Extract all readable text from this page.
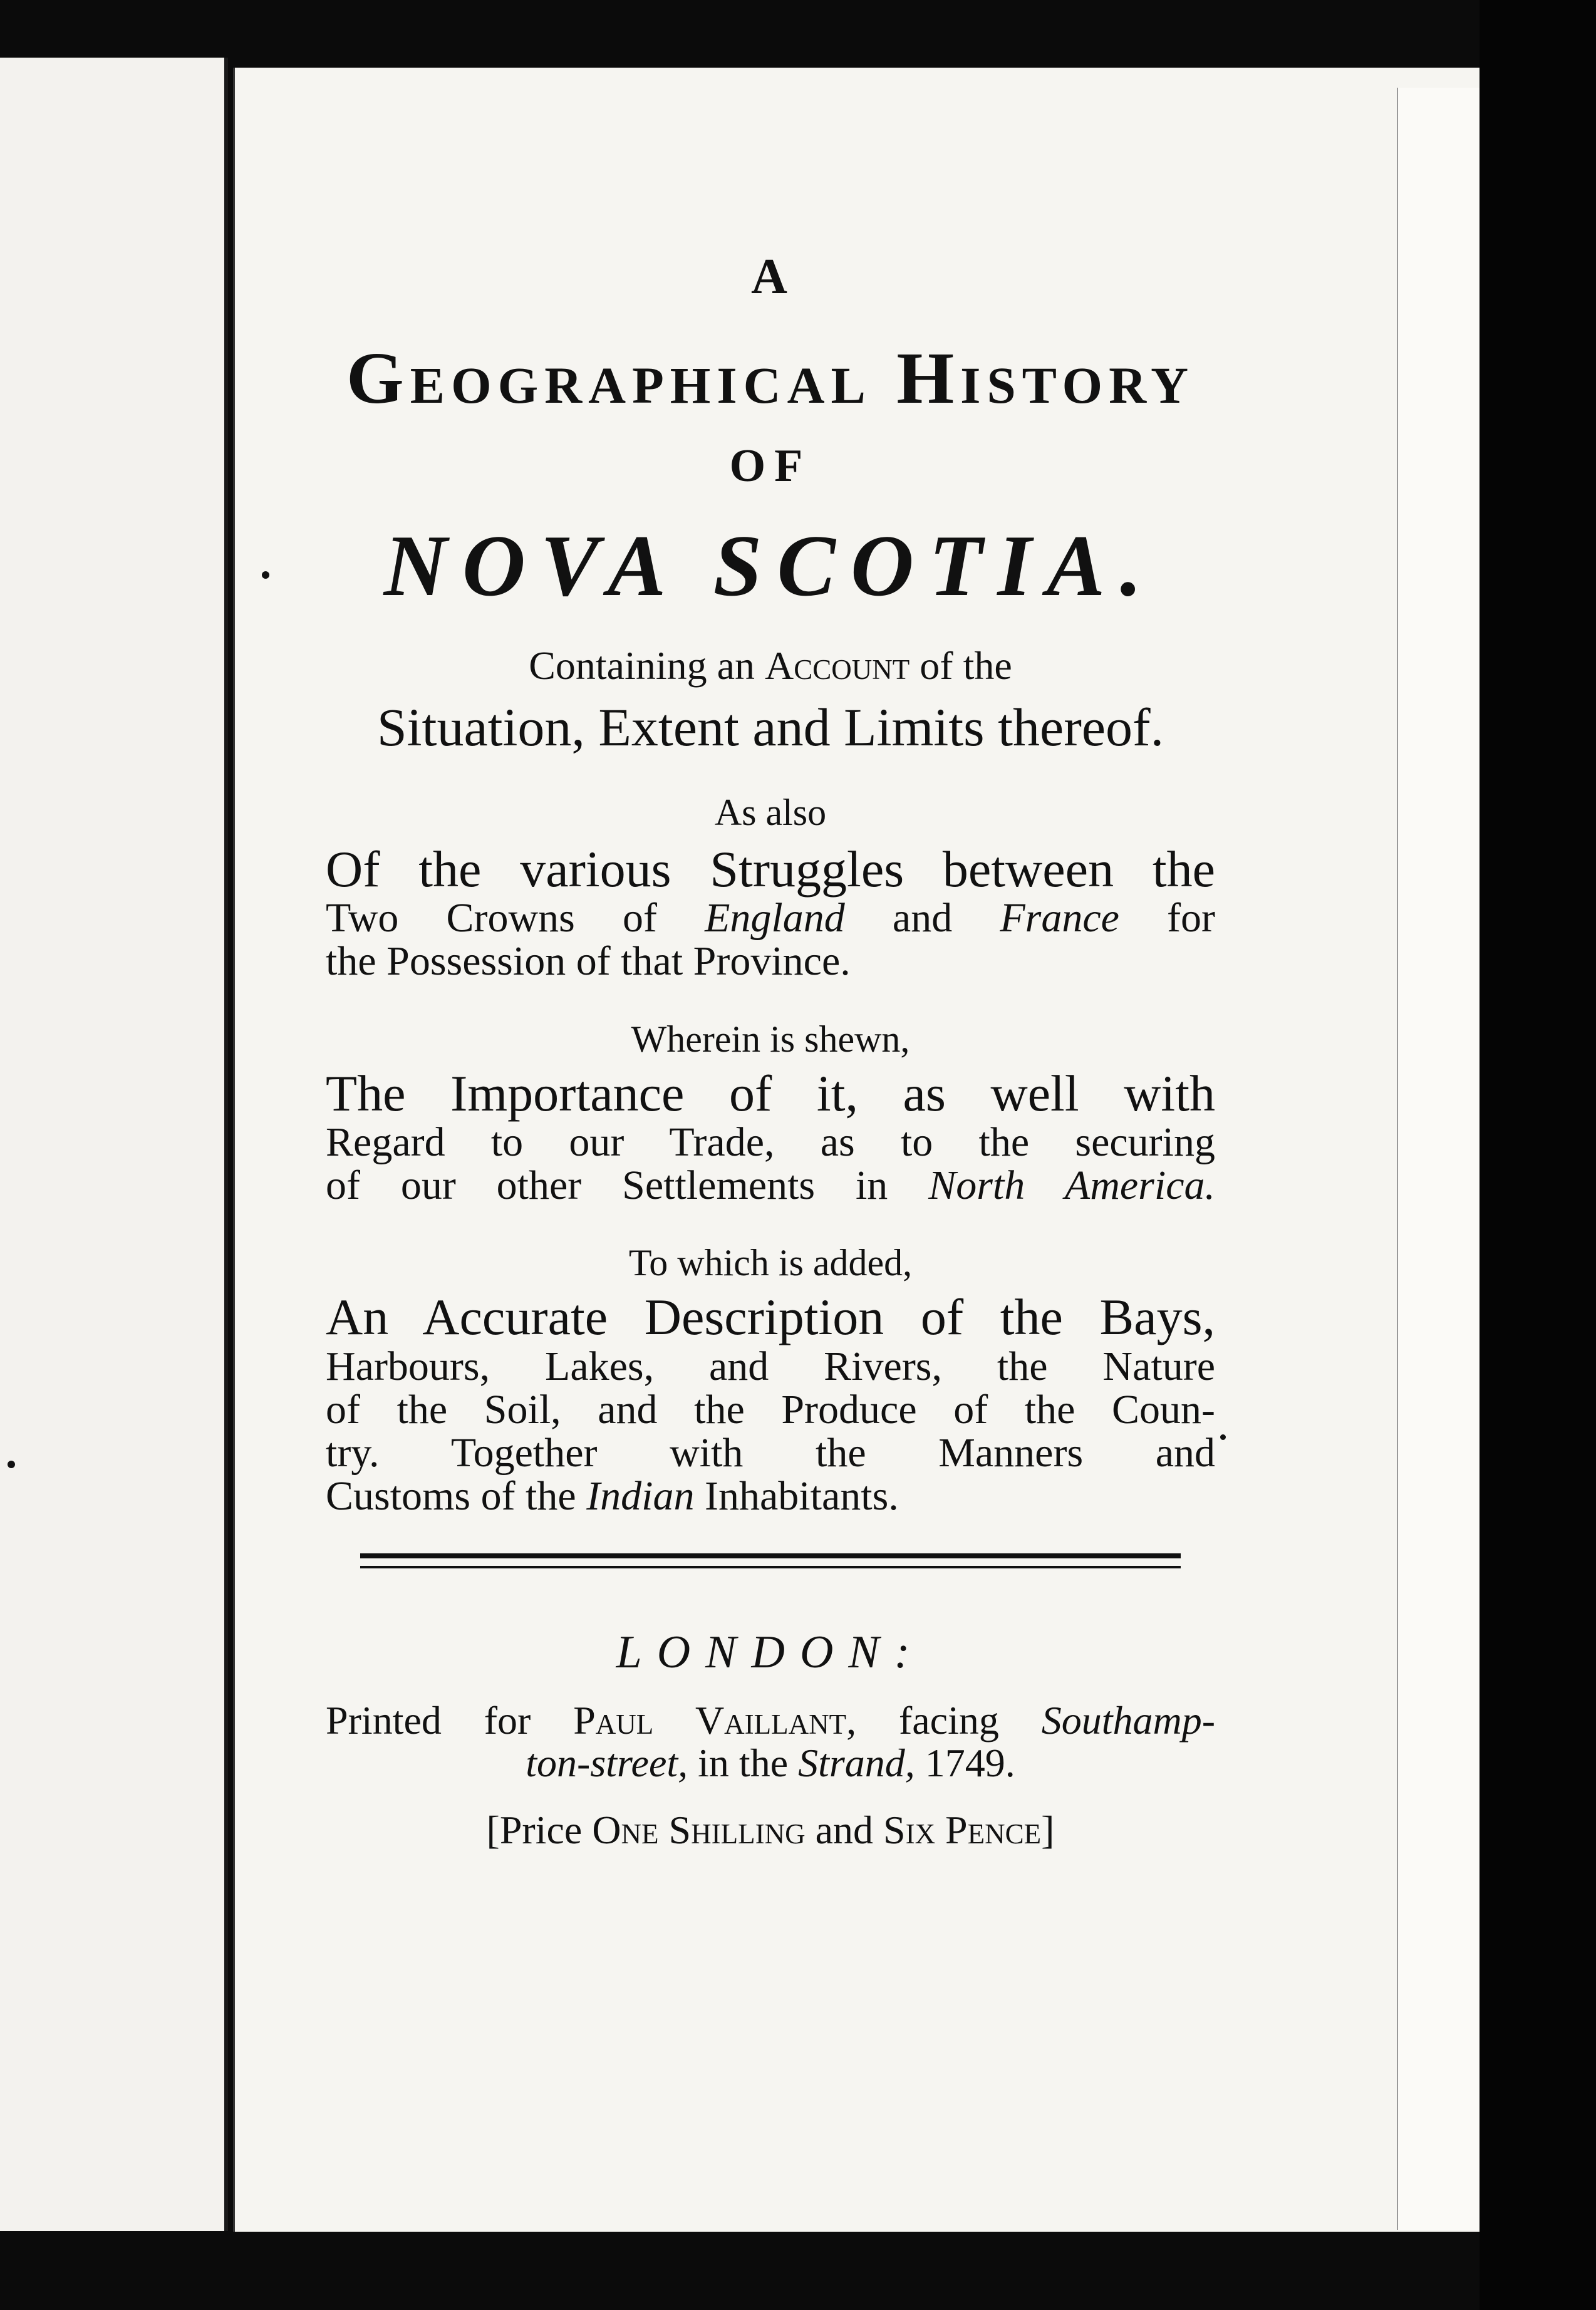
A
Geographical History
OF
NOVA SCOTIA.
Containing an Account of the
Situation, Extent and Limits thereof.
As also
Of the various Struggles between the
Two Crowns of England and France for
the Possession of that Province.
Wherein is shewn,
The Importance of it, as well with
Regard to our Trade, as to the securing
of our other Settlements in North America.
To which is added,
An Accurate Description of the Bays,
Harbours, Lakes, and Rivers, the Nature
of the Soil, and the Produce of the Coun-
try. Together with the Manners and
Customs of the Indian Inhabitants.
LONDON:
Printed for Paul Vaillant, facing Southamp-
ton-street, in the Strand, 1749.
[Price One Shilling and Six Pence]
